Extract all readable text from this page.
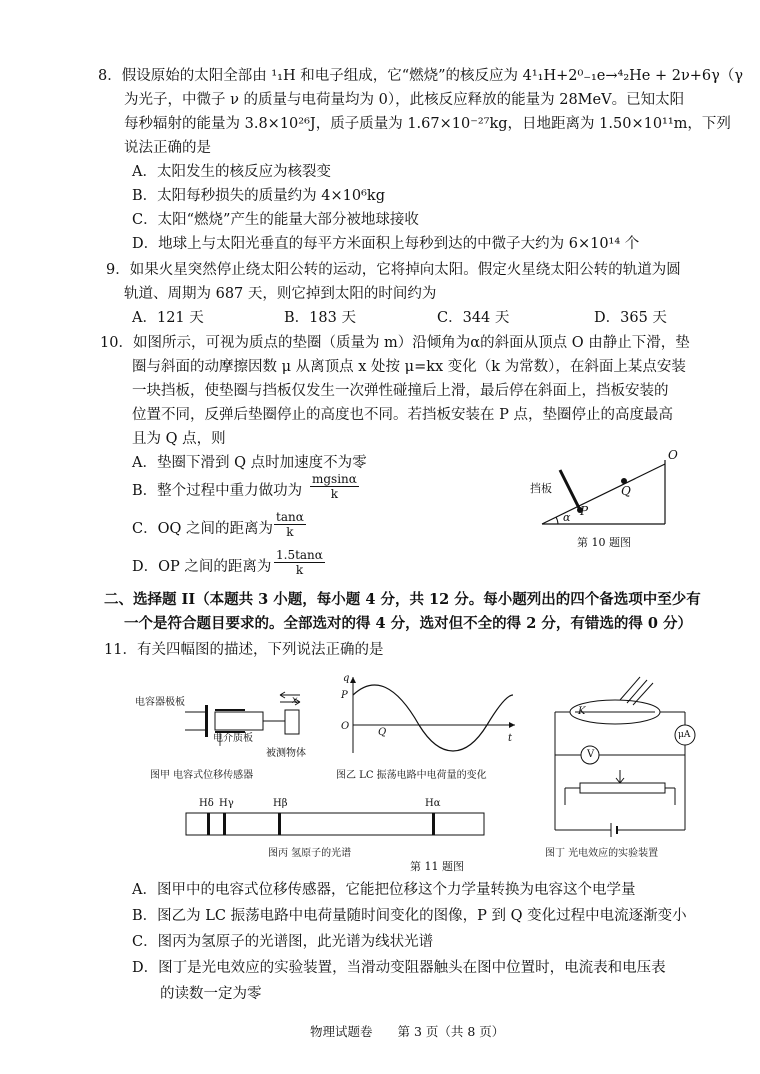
8．假设原始的太阳全部由 ¹₁H 和电子组成，它“燃烧”的核反应为 4¹₁H+2⁰₋₁e→⁴₂He + 2ν+6γ（γ
为光子，中微子 ν 的质量与电荷量均为 0），此核反应释放的能量为 28MeV。已知太阳
每秒辐射的能量为 3.8×10²⁶J，质子质量为 1.67×10⁻²⁷kg，日地距离为 1.50×10¹¹m，下列
说法正确的是
A．太阳发生的核反应为核裂变
B．太阳每秒损失的质量约为 4×10⁶kg
C．太阳“燃烧”产生的能量大部分被地球接收
D．地球上与太阳光垂直的每平方米面积上每秒到达的中微子大约为 6×10¹⁴ 个
9．如果火星突然停止绕太阳公转的运动，它将掉向太阳。假定火星绕太阳公转的轨道为圆
轨道、周期为 687 天，则它掉到太阳的时间约为
A．121 天	B．183 天	C．344 天	D．365 天
10．如图所示，可视为质点的垫圈（质量为 m）沿倾角为α的斜面从顶点 O 由静止下滑，垫
圈与斜面的动摩擦因数 μ 从离顶点 x 处按 μ=kx 变化（k 为常数），在斜面上某点安装
一块挡板，使垫圈与挡板仅发生一次弹性碰撞后上滑，最后停在斜面上，挡板安装的
位置不同，反弹后垫圈停止的高度也不同。若挡板安装在 P 点，垫圈停止的高度最高
且为 Q 点，则
A．垫圈下滑到 Q 点时加速度不为零
B．整个过程中重力做功为 $\frac{mgsin\alpha}{k}$
C．OQ 之间的距离为 $\frac{\tan\alpha}{k}$
D．OP 之间的距离为 $\frac{1.5\tan\alpha}{k}$
挡板
O
Q
P
α
第 10 题图
二、选择题 II（本题共 3 小题，每小题 4 分，共 12 分。每小题列出的四个备选项中至少有
一个是符合题目要求的。全部选对的得 4 分，选对但不全的得 2 分，有错选的得 0 分）
11．有关四幅图的描述，下列说法正确的是
电容器极板	x
电介质板
被测物体
图甲 电容式位移传感器
q
P
O
Q
t
图乙 LC 振荡电路中电荷量的变化
Hδ Hγ	Hβ	Hα
图丙 氢原子的光谱
第 11 题图
K
V
μA
图丁 光电效应的实验装置
A．图甲中的电容式位移传感器，它能把位移这个力学量转换为电容这个电学量
B．图乙为 LC 振荡电路中电荷量随时间变化的图像，P 到 Q 变化过程中电流逐渐变小
C．图丙为氢原子的光谱图，此光谱为线状光谱
D．图丁是光电效应的实验装置，当滑动变阻器触头在图中位置时，电流表和电压表
的读数一定为零
物理试题卷　　第 3 页（共 8 页）
